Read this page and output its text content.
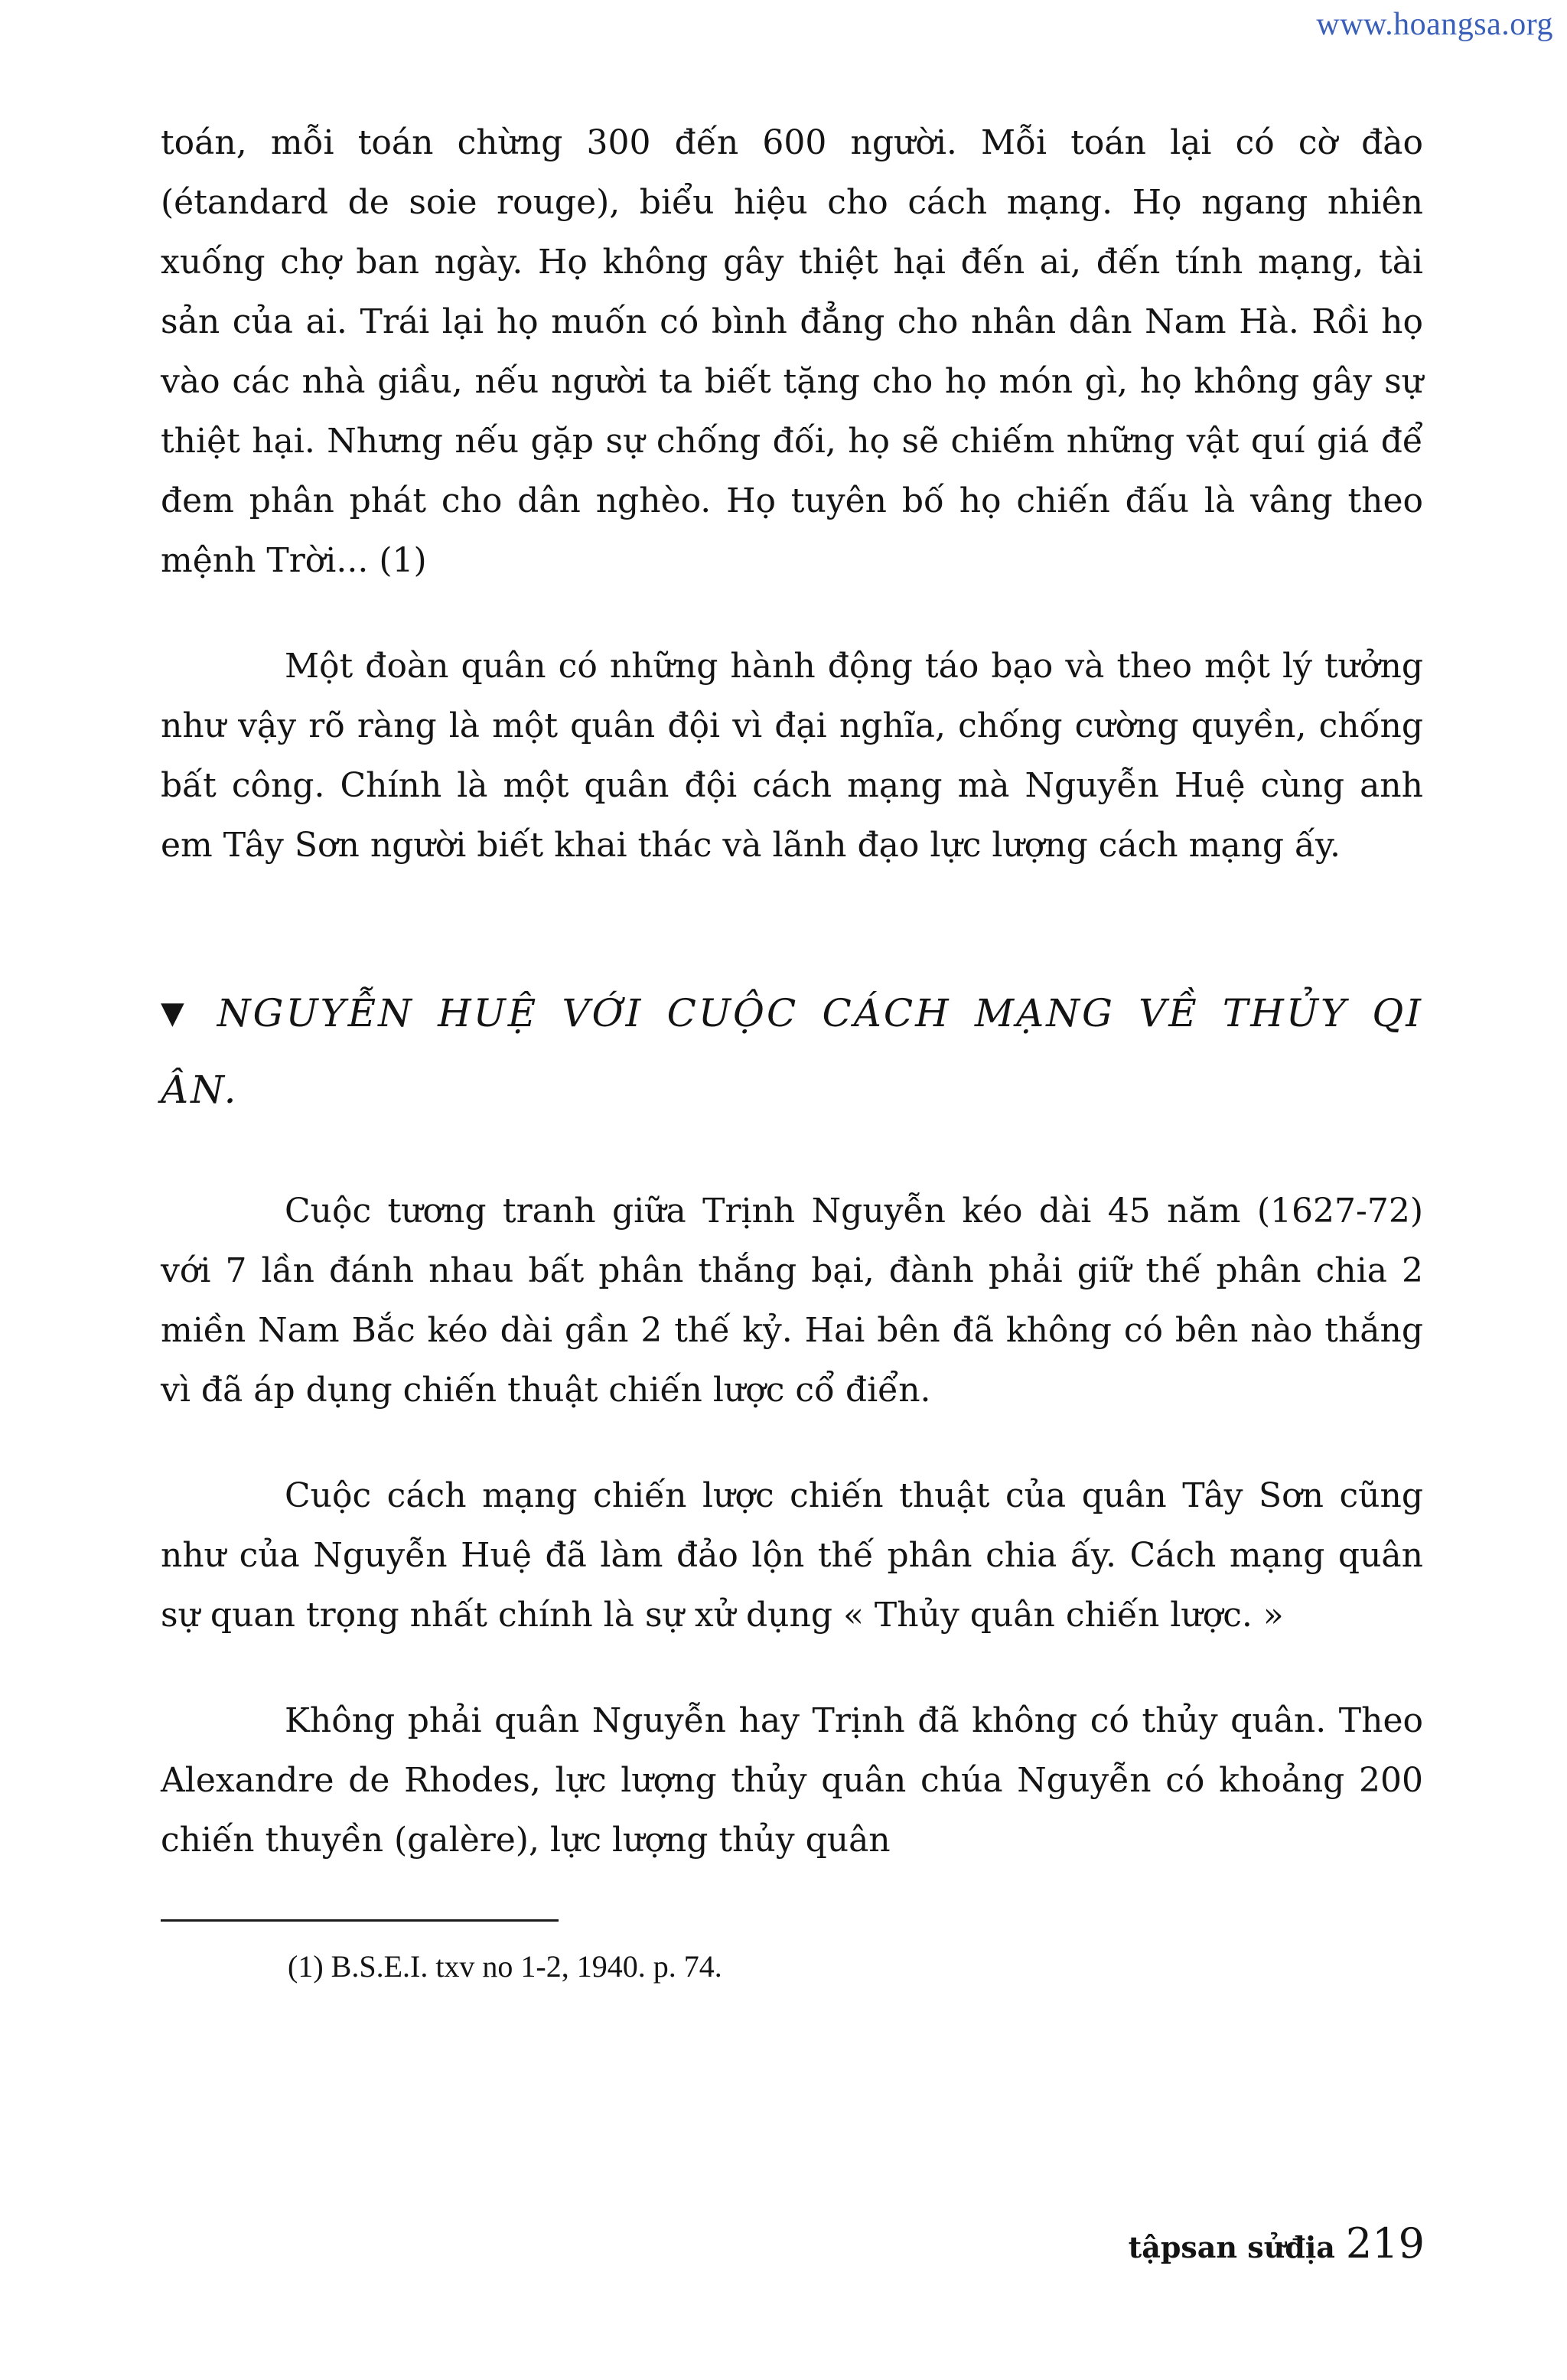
www.hoangsa.org

toán, mỗi toán chừng 300 đến 600 người. Mỗi toán lại có cờ đào (étandard de soie rouge), biểu hiệu cho cách mạng. Họ ngang nhiên xuống chợ ban ngày. Họ không gây thiệt hại đến ai, đến tính mạng, tài sản của ai. Trái lại họ muốn có bình đẳng cho nhân dân Nam Hà. Rồi họ vào các nhà giầu, nếu người ta biết tặng cho họ món gì, họ không gây sự thiệt hại. Nhưng nếu gặp sự chống đối, họ sẽ chiếm những vật quí giá để đem phân phát cho dân nghèo. Họ tuyên bố họ chiến đấu là vâng theo mệnh Trời... (1)

Một đoàn quân có những hành động táo bạo và theo một lý tưởng như vậy rõ ràng là một quân đội vì đại nghĩa, chống cường quyền, chống bất công. Chính là một quân đội cách mạng mà Nguyễn Huệ cùng anh em Tây Sơn người biết khai thác và lãnh đạo lực lượng cách mạng ấy.

▼ NGUYỄN HUỆ VỚI CUỘC CÁCH MẠNG VỀ THỦY QI ÂN.

Cuộc tương tranh giữa Trịnh Nguyễn kéo dài 45 năm (1627-72) với 7 lần đánh nhau bất phân thắng bại, đành phải giữ thế phân chia 2 miền Nam Bắc kéo dài gần 2 thế kỷ. Hai bên đã không có bên nào thắng vì đã áp dụng chiến thuật chiến lược cổ điển.

Cuộc cách mạng chiến lược chiến thuật của quân Tây Sơn cũng như của Nguyễn Huệ đã làm đảo lộn thế phân chia ấy. Cách mạng quân sự quan trọng nhất chính là sự xử dụng « Thủy quân chiến lược. »

Không phải quân Nguyễn hay Trịnh đã không có thủy quân. Theo Alexandre de Rhodes, lực lượng thủy quân chúa Nguyễn có khoảng 200 chiến thuyền (galère), lực lượng thủy quân

(1) B.S.E.I. txv no 1-2, 1940. p. 74.
tậpsan sửđịa 219
